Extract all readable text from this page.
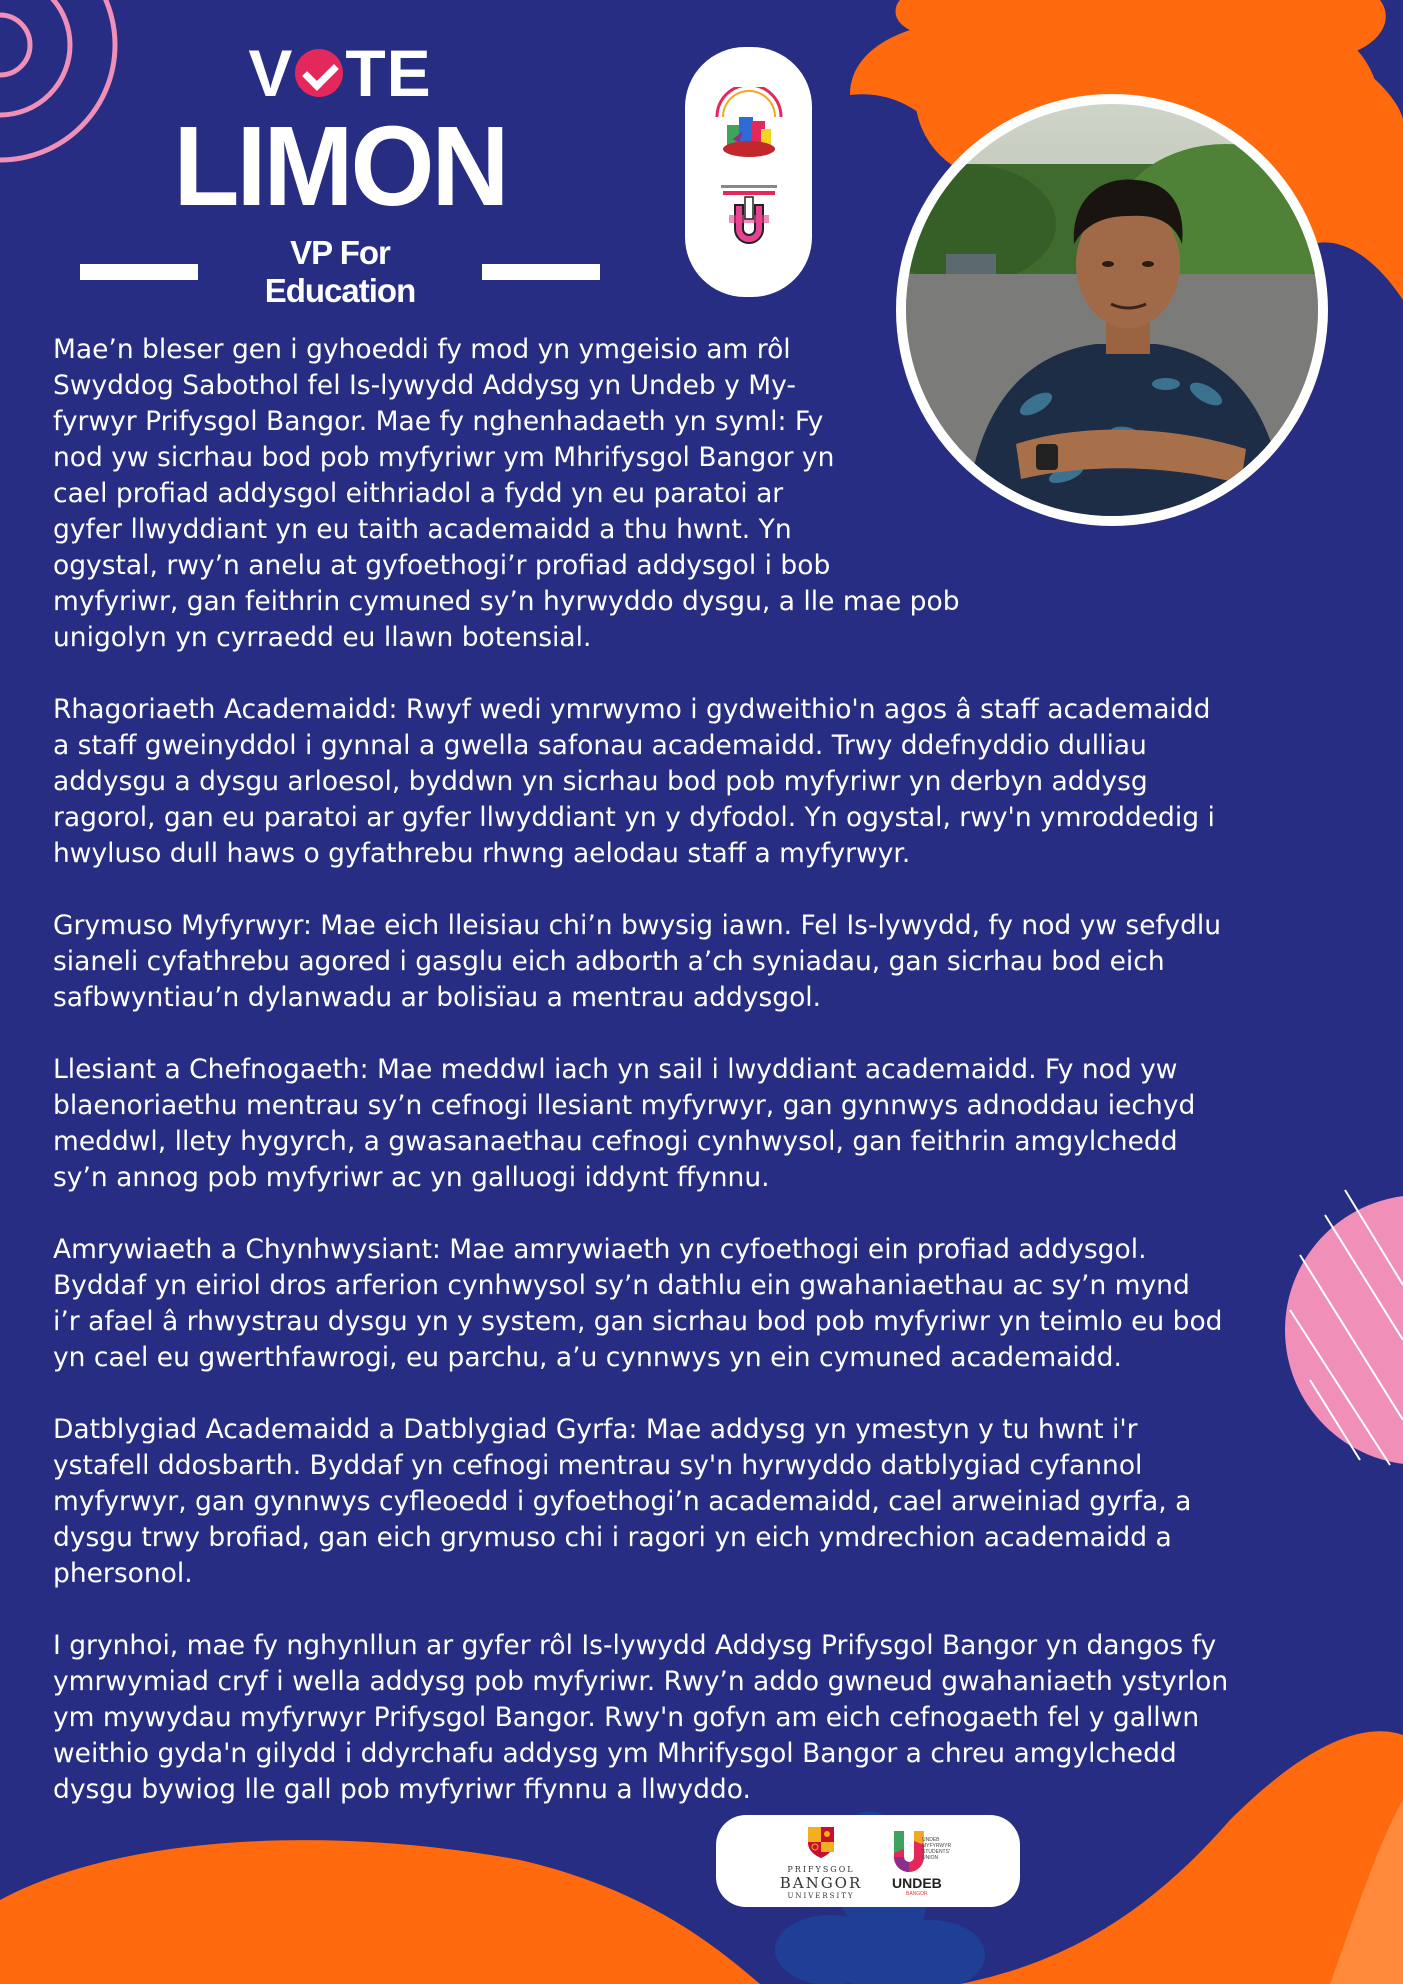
V TE
LIMON
VP For Education

Mae’n bleser gen i gyhoeddi fy mod yn ymgeisio am rôl
Swyddog Sabothol fel Is-lywydd Addysg yn Undeb y My-
fyrwyr Prifysgol Bangor. Mae fy nghenhadaeth yn syml: Fy
nod yw sicrhau bod pob myfyriwr ym Mhrifysgol Bangor yn
cael profiad addysgol eithriadol a fydd yn eu paratoi ar
gyfer llwyddiant yn eu taith academaidd a thu hwnt. Yn
ogystal, rwy’n anelu at gyfoethogi’r profiad addysgol i bob
myfyriwr, gan feithrin cymuned sy’n hyrwyddo dysgu, a lle mae pob
unigolyn yn cyrraedd eu llawn botensial.

Rhagoriaeth Academaidd: Rwyf wedi ymrwymo i gydweithio'n agos â staff academaidd
a staff gweinyddol i gynnal a gwella safonau academaidd. Trwy ddefnyddio dulliau
addysgu a dysgu arloesol, byddwn yn sicrhau bod pob myfyriwr yn derbyn addysg
ragorol, gan eu paratoi ar gyfer llwyddiant yn y dyfodol. Yn ogystal, rwy'n ymroddedig i
hwyluso dull haws o gyfathrebu rhwng aelodau staff a myfyrwyr.

Grymuso Myfyrwyr: Mae eich lleisiau chi’n bwysig iawn. Fel Is-lywydd, fy nod yw sefydlu
sianeli cyfathrebu agored i gasglu eich adborth a’ch syniadau, gan sicrhau bod eich
safbwyntiau’n dylanwadu ar bolisïau a mentrau addysgol.

Llesiant a Chefnogaeth: Mae meddwl iach yn sail i lwyddiant academaidd. Fy nod yw
blaenoriaethu mentrau sy’n cefnogi llesiant myfyrwyr, gan gynnwys adnoddau iechyd
meddwl, llety hygyrch, a gwasanaethau cefnogi cynhwysol, gan feithrin amgylchedd
sy’n annog pob myfyriwr ac yn galluogi iddynt ffynnu.

Amrywiaeth a Chynhwysiant: Mae amrywiaeth yn cyfoethogi ein profiad addysgol.
Byddaf yn eiriol dros arferion cynhwysol sy’n dathlu ein gwahaniaethau ac sy’n mynd
i’r afael â rhwystrau dysgu yn y system, gan sicrhau bod pob myfyriwr yn teimlo eu bod
yn cael eu gwerthfawrogi, eu parchu, a’u cynnwys yn ein cymuned academaidd.

Datblygiad Academaidd a Datblygiad Gyrfa: Mae addysg yn ymestyn y tu hwnt i'r
ystafell ddosbarth. Byddaf yn cefnogi mentrau sy'n hyrwyddo datblygiad cyfannol
myfyrwyr, gan gynnwys cyfleoedd i gyfoethogi’n academaidd, cael arweiniad gyrfa, a
dysgu trwy brofiad, gan eich grymuso chi i ragori yn eich ymdrechion academaidd a
phersonol.

I grynhoi, mae fy nghynllun ar gyfer rôl Is-lywydd Addysg Prifysgol Bangor yn dangos fy
ymrwymiad cryf i wella addysg pob myfyriwr. Rwy’n addo gwneud gwahaniaeth ystyrlon
ym mywydau myfyrwyr Prifysgol Bangor. Rwy'n gofyn am eich cefnogaeth fel y gallwn
weithio gyda'n gilydd i ddyrchafu addysg ym Mhrifysgol Bangor a chreu amgylchedd
dysgu bywiog lle gall pob myfyriwr ffynnu a llwyddo.

PRIFYSGOL
BANGOR
UNIVERSITY
UNDEB MYFYRWYR STUDENTS' UNION
UNDEB
BANGOR
